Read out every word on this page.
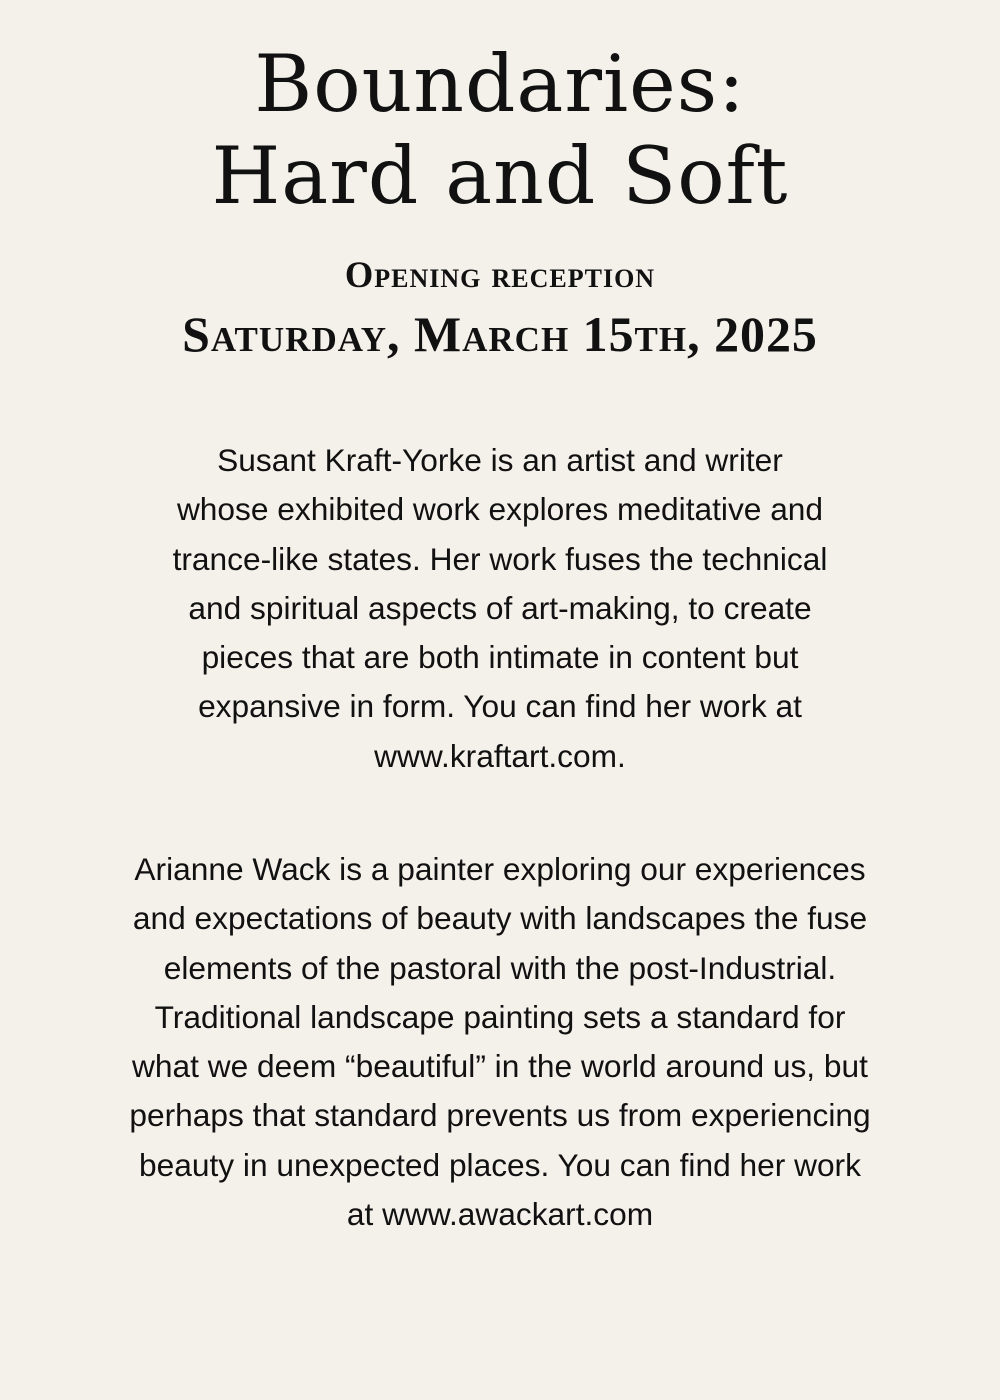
Boundaries:
Hard and Soft
Opening reception
Saturday, March 15th, 2025
Susant Kraft-Yorke is an artist and writer
whose exhibited work explores meditative and
trance-like states. Her work fuses the technical
and spiritual aspects of art-making, to create
pieces that are both intimate in content but
expansive in form. You can find her work at
www.kraftart.com.
Arianne Wack is a painter exploring our experiences
and expectations of beauty with landscapes the fuse
elements of the pastoral with the post-Industrial.
Traditional landscape painting sets a standard for
what we deem “beautiful” in the world around us, but
perhaps that standard prevents us from experiencing
beauty in unexpected places. You can find her work
at www.awackart.com
